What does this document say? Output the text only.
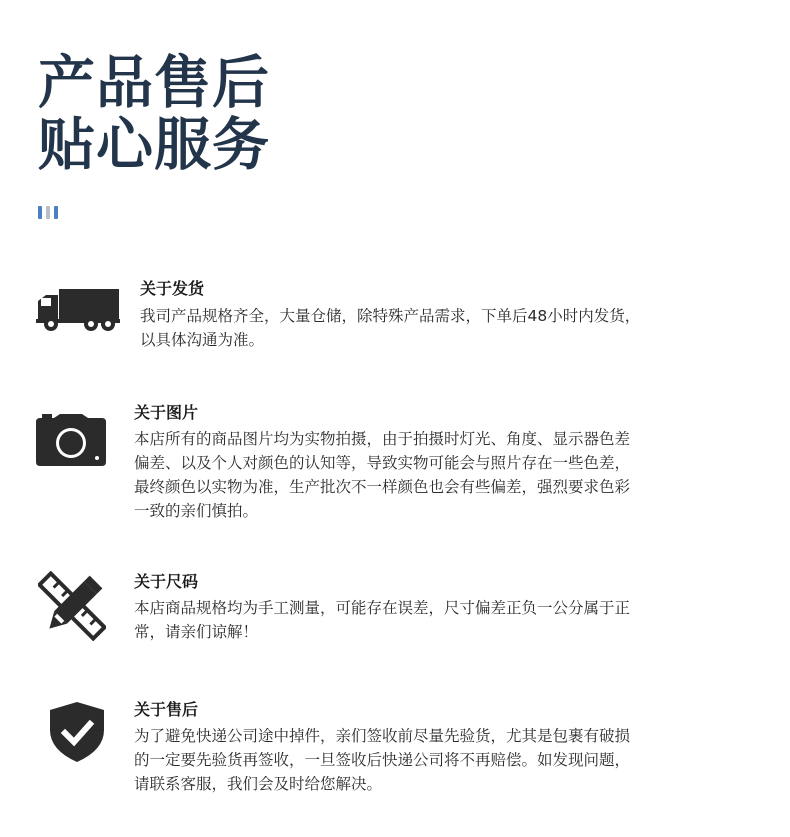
产品售后
贴心服务
关于发货
我司产品规格齐全，大量仓储，除特殊产品需求，下单后48小时内发货，
以具体沟通为准。
关于图片
本店所有的商品图片均为实物拍摄，由于拍摄时灯光、角度、显示器色差
偏差、以及个人对颜色的认知等，导致实物可能会与照片存在一些色差，
最终颜色以实物为准，生产批次不一样颜色也会有些偏差，强烈要求色彩
一致的亲们慎拍。
关于尺码
本店商品规格均为手工测量，可能存在误差，尺寸偏差正负一公分属于正
常，请亲们谅解！
关于售后
为了避免快递公司途中掉件，亲们签收前尽量先验货，尤其是包裹有破损
的一定要先验货再签收，一旦签收后快递公司将不再赔偿。如发现问题，
请联系客服，我们会及时给您解决。
